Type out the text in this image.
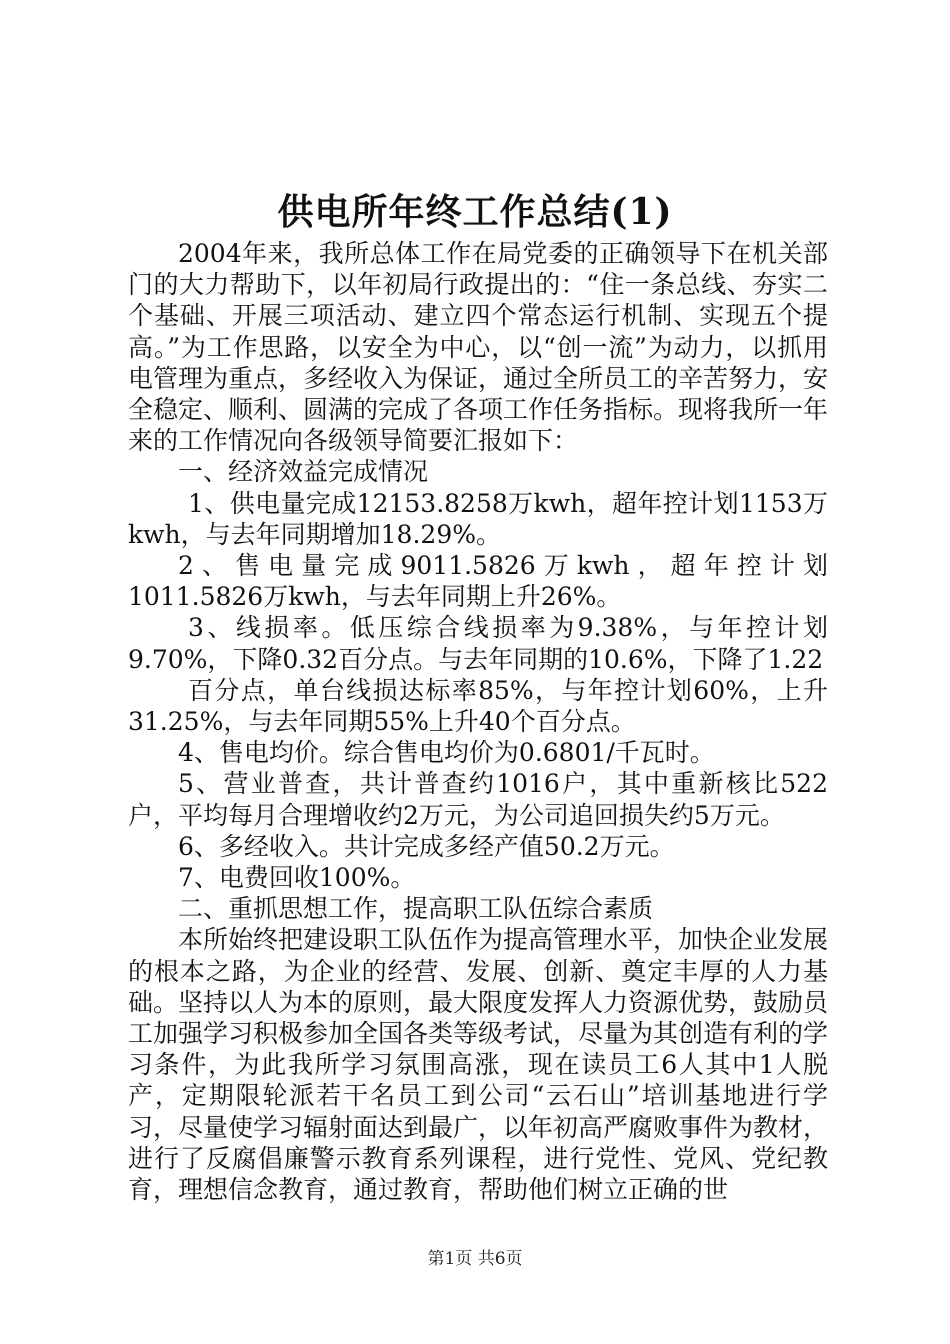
供电所年终工作总结(1)

2004年来，我所总体工作在局党委的正确领导下在机关部门的大力帮助下，以年初局行政提出的：“住一条总线、夯实二个基础、开展三项活动、建立四个常态运行机制、实现五个提高。”为工作思路，以安全为中心，以“创一流”为动力，以抓用电管理为重点，多经收入为保证，通过全所员工的辛苦努力，安全稳定、顺利、圆满的完成了各项工作任务指标。现将我所一年来的工作情况向各级领导简要汇报如下：

一、经济效益完成情况

1、供电量完成12153.8258万kwh，超年控计划1153万kwh，与去年同期增加18.29%。

2、售电量完成9011.5826万kwh，超年控计划1011.5826万kwh，与去年同期上升26%。

3、线损率。低压综合线损率为9.38%，与年控计划9.70%，下降0.32百分点。与去年同期的10.6%，下降了1.22

百分点，单台线损达标率85%，与年控计划60%，上升31.25%，与去年同期55%上升40个百分点。

4、售电均价。综合售电均价为0.6801/千瓦时。

5、营业普查，共计普查约1016户，其中重新核比522户，平均每月合理增收约2万元，为公司追回损失约5万元。

6、多经收入。共计完成多经产值50.2万元。

7、电费回收100%。

二、重抓思想工作，提高职工队伍综合素质

本所始终把建设职工队伍作为提高管理水平，加快企业发展的根本之路，为企业的经营、发展、创新、奠定丰厚的人力基础。坚持以人为本的原则，最大限度发挥人力资源优势，鼓励员工加强学习积极参加全国各类等级考试，尽量为其创造有利的学习条件，为此我所学习氛围高涨，现在读员工6人其中1人脱产，定期限轮派若干名员工到公司“云石山”培训基地进行学习，尽量使学习辐射面达到最广，以年初高严腐败事件为教材，进行了反腐倡廉警示教育系列课程，进行党性、党风、党纪教育，理想信念教育，通过教育，帮助他们树立正确的世

第1页 共6页
